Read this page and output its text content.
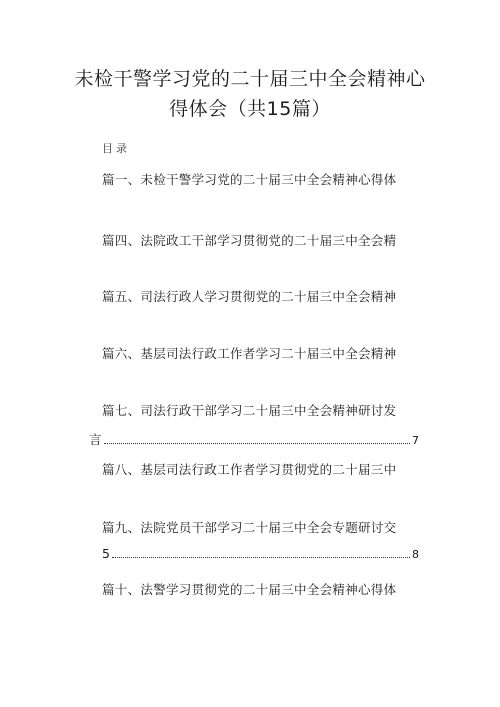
未检干警学习党的二十届三中全会精神心
得体会（共15篇）
目录
篇一、未检干警学习党的二十届三中全会精神心得体
篇四、法院政工干部学习贯彻党的二十届三中全会精
篇五、司法行政人学习贯彻党的二十届三中全会精神
篇六、基层司法行政工作者学习二十届三中全会精神
篇七、司法行政干部学习二十届三中全会精神研讨发
言	7
篇八、基层司法行政工作者学习贯彻党的二十届三中
篇九、法院党员干部学习二十届三中全会专题研讨交
5	8
篇十、法警学习贯彻党的二十届三中全会精神心得体
